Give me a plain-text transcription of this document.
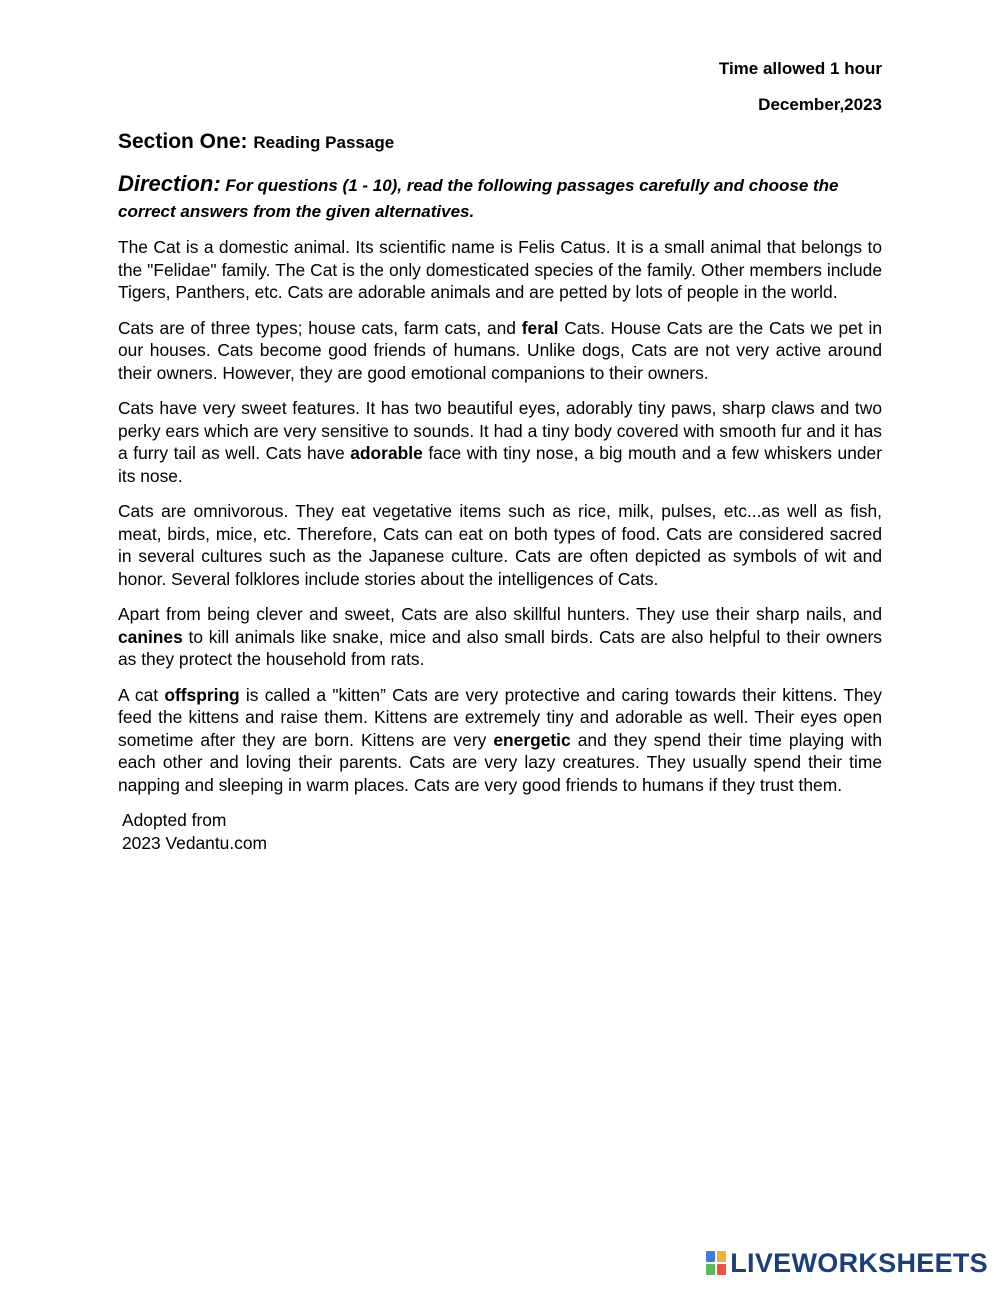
Time allowed 1 hour
December,2023
Section One: Reading Passage
Direction: For questions (1 - 10), read the following passages carefully and choose the correct answers from the given alternatives.

The Cat is a domestic animal. Its scientific name is Felis Catus. It is a small animal that belongs to the "Felidae" family. The Cat is the only domesticated species of the family. Other members include Tigers, Panthers, etc. Cats are adorable animals and are petted by lots of people in the world.

Cats are of three types; house cats, farm cats, and feral Cats. House Cats are the Cats we pet in our houses. Cats become good friends of humans. Unlike dogs, Cats are not very active around their owners. However, they are good emotional companions to their owners.

Cats have very sweet features. It has two beautiful eyes, adorably tiny paws, sharp claws and two perky ears which are very sensitive to sounds. It had a tiny body covered with smooth fur and it has a furry tail as well. Cats have adorable face with tiny nose, a big mouth and a few whiskers under its nose.

Cats are omnivorous. They eat vegetative items such as rice, milk, pulses, etc...as well as fish, meat, birds, mice, etc. Therefore, Cats can eat on both types of food. Cats are considered sacred in several cultures such as the Japanese culture. Cats are often depicted as symbols of wit and honor. Several folklores include stories about the intelligences of Cats.

Apart from being clever and sweet, Cats are also skillful hunters. They use their sharp nails, and canines to kill animals like snake, mice and also small birds. Cats are also helpful to their owners as they protect the household from rats.

A cat offspring is called a "kitten” Cats are very protective and caring towards their kittens. They feed the kittens and raise them. Kittens are extremely tiny and adorable as well. Their eyes open sometime after they are born. Kittens are very energetic and they spend their time playing with each other and loving their parents. Cats are very lazy creatures. They usually spend their time napping and sleeping in warm places. Cats are very good friends to humans if they trust them.

Adopted from
2023 Vedantu.com
LIVEWORKSHEETS
